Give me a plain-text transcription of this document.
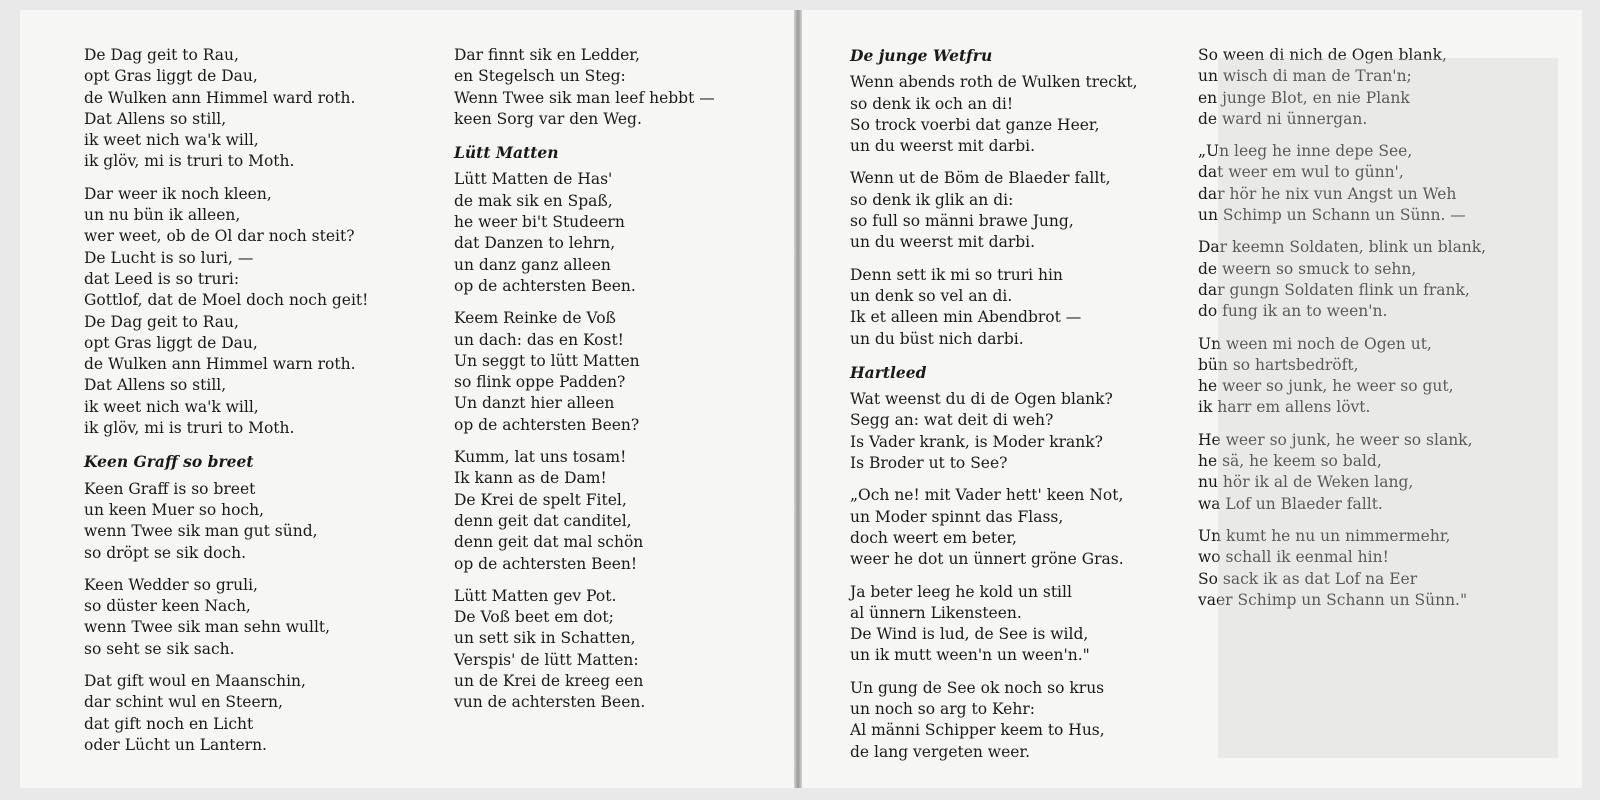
De Dag geit to Rau,
opt Gras liggt de Dau,
de Wulken ann Himmel ward roth.
Dat Allens so still,
ik weet nich wa'k will,
ik glöv, mi is truri to Moth.
Dar weer ik noch kleen,
un nu bün ik alleen,
wer weet, ob de Ol dar noch steit?
De Lucht is so luri, —
dat Leed is so truri:
Gottlof, dat de Moel doch noch geit!
De Dag geit to Rau,
opt Gras liggt de Dau,
de Wulken ann Himmel warn roth.
Dat Allens so still,
ik weet nich wa'k will,
ik glöv, mi is truri to Moth.
Keen Graff so breet
Keen Graff is so breet
un keen Muer so hoch,
wenn Twee sik man gut sünd,
so dröpt se sik doch.
Keen Wedder so gruli,
so düster keen Nach,
wenn Twee sik man sehn wullt,
so seht se sik sach.
Dat gift woul en Maanschin,
dar schint wul en Steern,
dat gift noch en Licht
oder Lücht un Lantern.
Dar finnt sik en Ledder,
en Stegelsch un Steg:
Wenn Twee sik man leef hebbt —
keen Sorg var den Weg.
Lütt Matten
Lütt Matten de Has'
de mak sik en Spaß,
he weer bi't Studeern
dat Danzen to lehrn,
un danz ganz alleen
op de achtersten Been.
Keem Reinke de Voß
un dach: das en Kost!
Un seggt to lütt Matten
so flink oppe Padden?
Un danzt hier alleen
op de achtersten Been?
Kumm, lat uns tosam!
Ik kann as de Dam!
De Krei de spelt Fitel,
denn geit dat canditel,
denn geit dat mal schön
op de achtersten Been!
Lütt Matten gev Pot.
De Voß beet em dot;
un sett sik in Schatten,
Verspis' de lütt Matten:
un de Krei de kreeg een
vun de achtersten Been.
De junge Wetfru
Wenn abends roth de Wulken treckt,
so denk ik och an di!
So trock voerbi dat ganze Heer,
un du weerst mit darbi.
Wenn ut de Böm de Blaeder fallt,
so denk ik glik an di:
so full so männi brawe Jung,
un du weerst mit darbi.
Denn sett ik mi so truri hin
un denk so vel an di.
Ik et alleen min Abendbrot —
un du büst nich darbi.
Hartleed
Wat weenst du di de Ogen blank?
Segg an: wat deit di weh?
Is Vader krank, is Moder krank?
Is Broder ut to See?
„Och ne! mit Vader hett' keen Not,
un Moder spinnt das Flass,
doch weert em beter,
weer he dot un ünnert gröne Gras.
Ja beter leeg he kold un still
al ünnern Likensteen.
De Wind is lud, de See is wild,
un ik mutt ween'n un ween'n."
Un gung de See ok noch so krus
un noch so arg to Kehr:
Al männi Schipper keem to Hus,
de lang vergeten weer.
So ween di nich de Ogen blank,
un wisch di man de Tran'n;
en junge Blot, en nie Plank
de ward ni ünnergan.
„Un leeg he inne depe See,
dat weer em wul to günn',
dar hör he nix vun Angst un Weh
un Schimp un Schann un Sünn. —
Dar keemn Soldaten, blink un blank,
de weern so smuck to sehn,
dar gungn Soldaten flink un frank,
do fung ik an to ween'n.
Un ween mi noch de Ogen ut,
bün so hartsbedröft,
he weer so junk, he weer so gut,
ik harr em allens lövt.
He weer so junk, he weer so slank,
he sä, he keem so bald,
nu hör ik al de Weken lang,
wa Lof un Blaeder fallt.
Un kumt he nu un nimmermehr,
wo schall ik eenmal hin!
So sack ik as dat Lof na Eer
vaer Schimp un Schann un Sünn."
